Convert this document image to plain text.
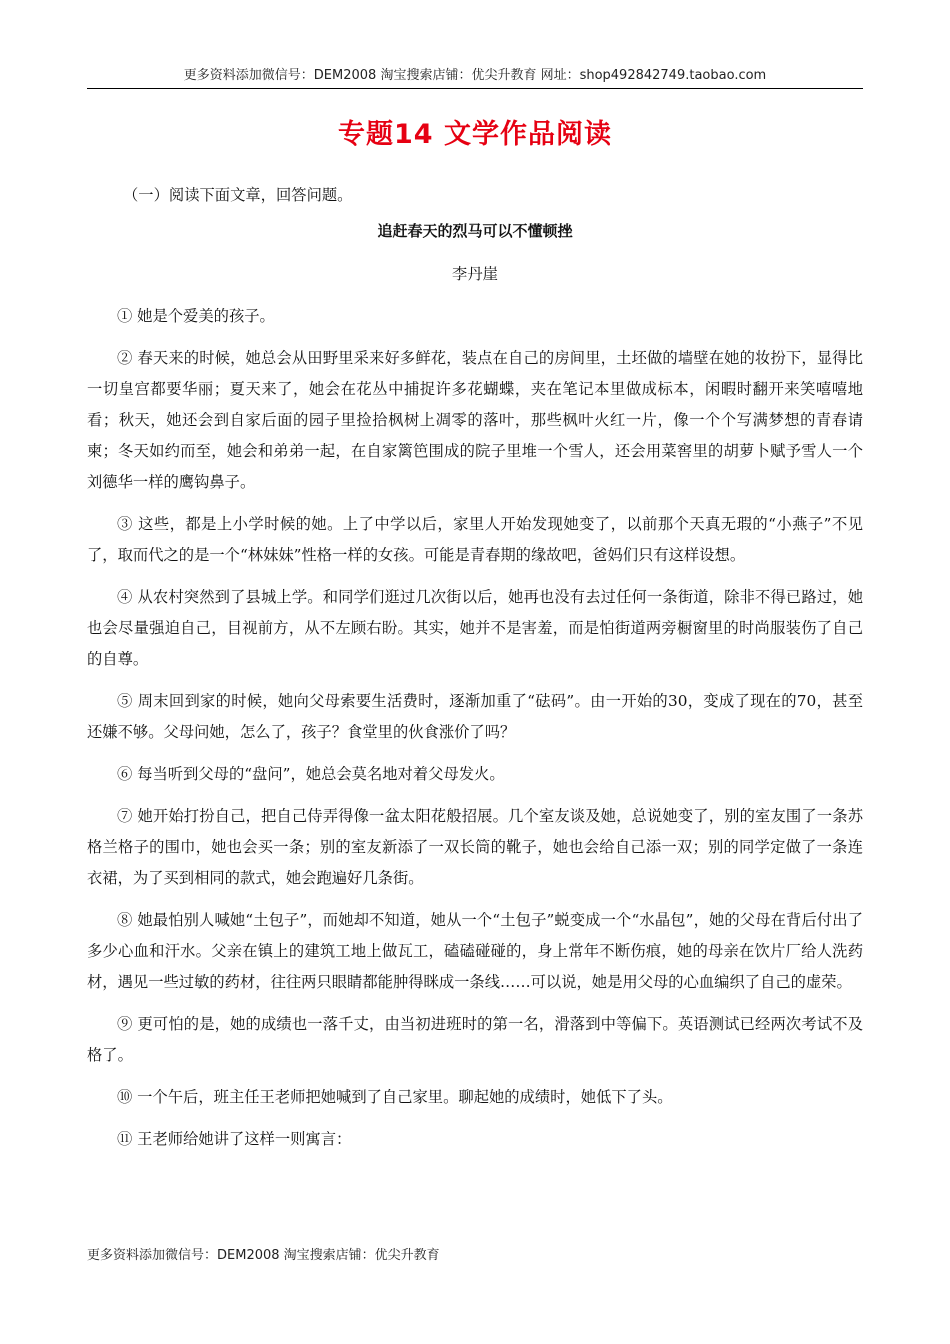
更多资料添加微信号：DEM2008 淘宝搜索店铺：优尖升教育 网址：shop492842749.taobao.com
专题14 文学作品阅读

（一）阅读下面文章，回答问题。

追赶春天的烈马可以不懂顿挫

李丹崖

① 她是个爱美的孩子。

② 春天来的时候，她总会从田野里采来好多鲜花，装点在自己的房间里，土坯做的墙壁在她的妆扮下，显得比一切皇宫都要华丽；夏天来了，她会在花丛中捕捉许多花蝴蝶，夹在笔记本里做成标本，闲暇时翻开来笑嘻嘻地看；秋天，她还会到自家后面的园子里捡拾枫树上凋零的落叶，那些枫叶火红一片，像一个个写满梦想的青春请柬；冬天如约而至，她会和弟弟一起，在自家篱笆围成的院子里堆一个雪人，还会用菜窖里的胡萝卜赋予雪人一个刘德华一样的鹰钩鼻子。

③ 这些，都是上小学时候的她。上了中学以后，家里人开始发现她变了，以前那个天真无瑕的“小燕子”不见了，取而代之的是一个“林妹妹”性格一样的女孩。可能是青春期的缘故吧，爸妈们只有这样设想。

④ 从农村突然到了县城上学。和同学们逛过几次街以后，她再也没有去过任何一条街道，除非不得已路过，她也会尽量强迫自己，目视前方，从不左顾右盼。其实，她并不是害羞，而是怕街道两旁橱窗里的时尚服装伤了自己的自尊。

⑤ 周末回到家的时候，她向父母索要生活费时，逐渐加重了“砝码”。由一开始的30，变成了现在的70，甚至还嫌不够。父母问她，怎么了，孩子？食堂里的伙食涨价了吗？

⑥ 每当听到父母的“盘问”，她总会莫名地对着父母发火。

⑦ 她开始打扮自己，把自己侍弄得像一盆太阳花般招展。几个室友谈及她，总说她变了，别的室友围了一条苏格兰格子的围巾，她也会买一条；别的室友新添了一双长筒的靴子，她也会给自己添一双；别的同学定做了一条连衣裙，为了买到相同的款式，她会跑遍好几条街。

⑧ 她最怕别人喊她“土包子”，而她却不知道，她从一个“土包子”蜕变成一个“水晶包”，她的父母在背后付出了多少心血和汗水。父亲在镇上的建筑工地上做瓦工，磕磕碰碰的，身上常年不断伤痕，她的母亲在饮片厂给人洗药材，遇见一些过敏的药材，往往两只眼睛都能肿得眯成一条线……可以说，她是用父母的心血编织了自己的虚荣。

⑨ 更可怕的是，她的成绩也一落千丈，由当初进班时的第一名，滑落到中等偏下。英语测试已经两次考试不及格了。

⑩ 一个午后，班主任王老师把她喊到了自己家里。聊起她的成绩时，她低下了头。

⑪ 王老师给她讲了这样一则寓言：

更多资料添加微信号：DEM2008 淘宝搜索店铺：优尖升教育
